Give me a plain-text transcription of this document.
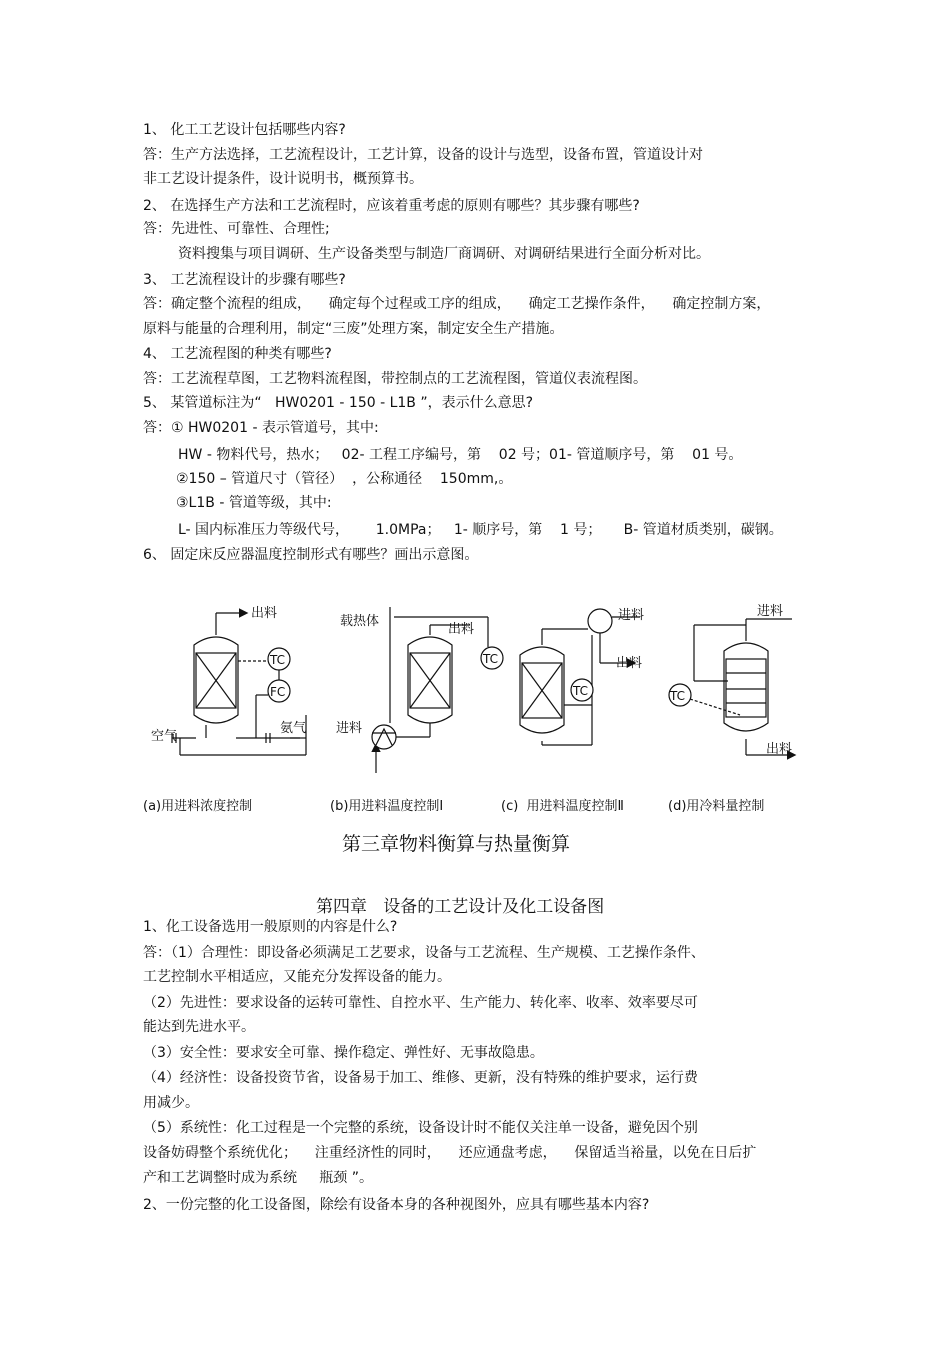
1、 化工工艺设计包括哪些内容?
答：生产方法选择，工艺流程设计，工艺计算，设备的设计与选型，设备布置，管道设计对
非工艺设计提条件，设计说明书，概预算书。
2、 在选择生产方法和工艺流程时，应该着重考虑的原则有哪些？其步骤有哪些?
答：先进性、可靠性、合理性;
资料搜集与项目调研、生产设备类型与制造厂商调研、对调研结果进行全面分析对比。
3、 工艺流程设计的步骤有哪些?
答：确定整个流程的组成，    确定每个过程或工序的组成，    确定工艺操作条件，    确定控制方案，
原料与能量的合理利用，制定“三废”处理方案，制定安全生产措施。
4、 工艺流程图的种类有哪些?
答：工艺流程草图，工艺物料流程图，带控制点的工艺流程图，管道仪表流程图。
5、 某管道标注为“   HW0201 - 150 - L1B ”，表示什么意思?
答：① HW0201 - 表示管道号，其中:
HW - 物料代号，热水；   02- 工程工序编号，第    02 号；01- 管道顺序号，第    01 号。
②150 – 管道尺寸（管径）  ，公称通径    150mm,。
③L1B - 管道等级，其中:
L- 国内标准压力等级代号，      1.0MPa；   1- 顺序号，第    1 号；     B- 管道材质类别，碳钢。
6、 固定床反应器温度控制形式有哪些？画出示意图。
出料
TC
FC
空气
氨气
载热体
出料
TC
进料
进料
出料
TC
进料
TC
出料
(a)用进料浓度控制	(b)用进料温度控制Ⅰ	(c)  用进料温度控制Ⅱ	(d)用冷料量控制
第三章物料衡算与热量衡算
第四章   设备的工艺设计及化工设备图
1、化工设备选用一般原则的内容是什么?
答：（1）合理性：即设备必须满足工艺要求，设备与工艺流程、生产规模、工艺操作条件、
工艺控制水平相适应，又能充分发挥设备的能力。
（2）先进性：要求设备的运转可靠性、自控水平、生产能力、转化率、收率、效率要尽可
能达到先进水平。
（3）安全性：要求安全可靠、操作稳定、弹性好、无事故隐患。
（4）经济性：设备投资节省，设备易于加工、维修、更新，没有特殊的维护要求，运行费
用减少。
（5）系统性：化工过程是一个完整的系统，设备设计时不能仅关注单一设备，避免因个别
设备妨碍整个系统优化；    注重经济性的同时，    还应通盘考虑，    保留适当裕量，以免在日后扩
产和工艺调整时成为系统     瓶颈 ”。
2、一份完整的化工设备图，除绘有设备本身的各种视图外，应具有哪些基本内容?
